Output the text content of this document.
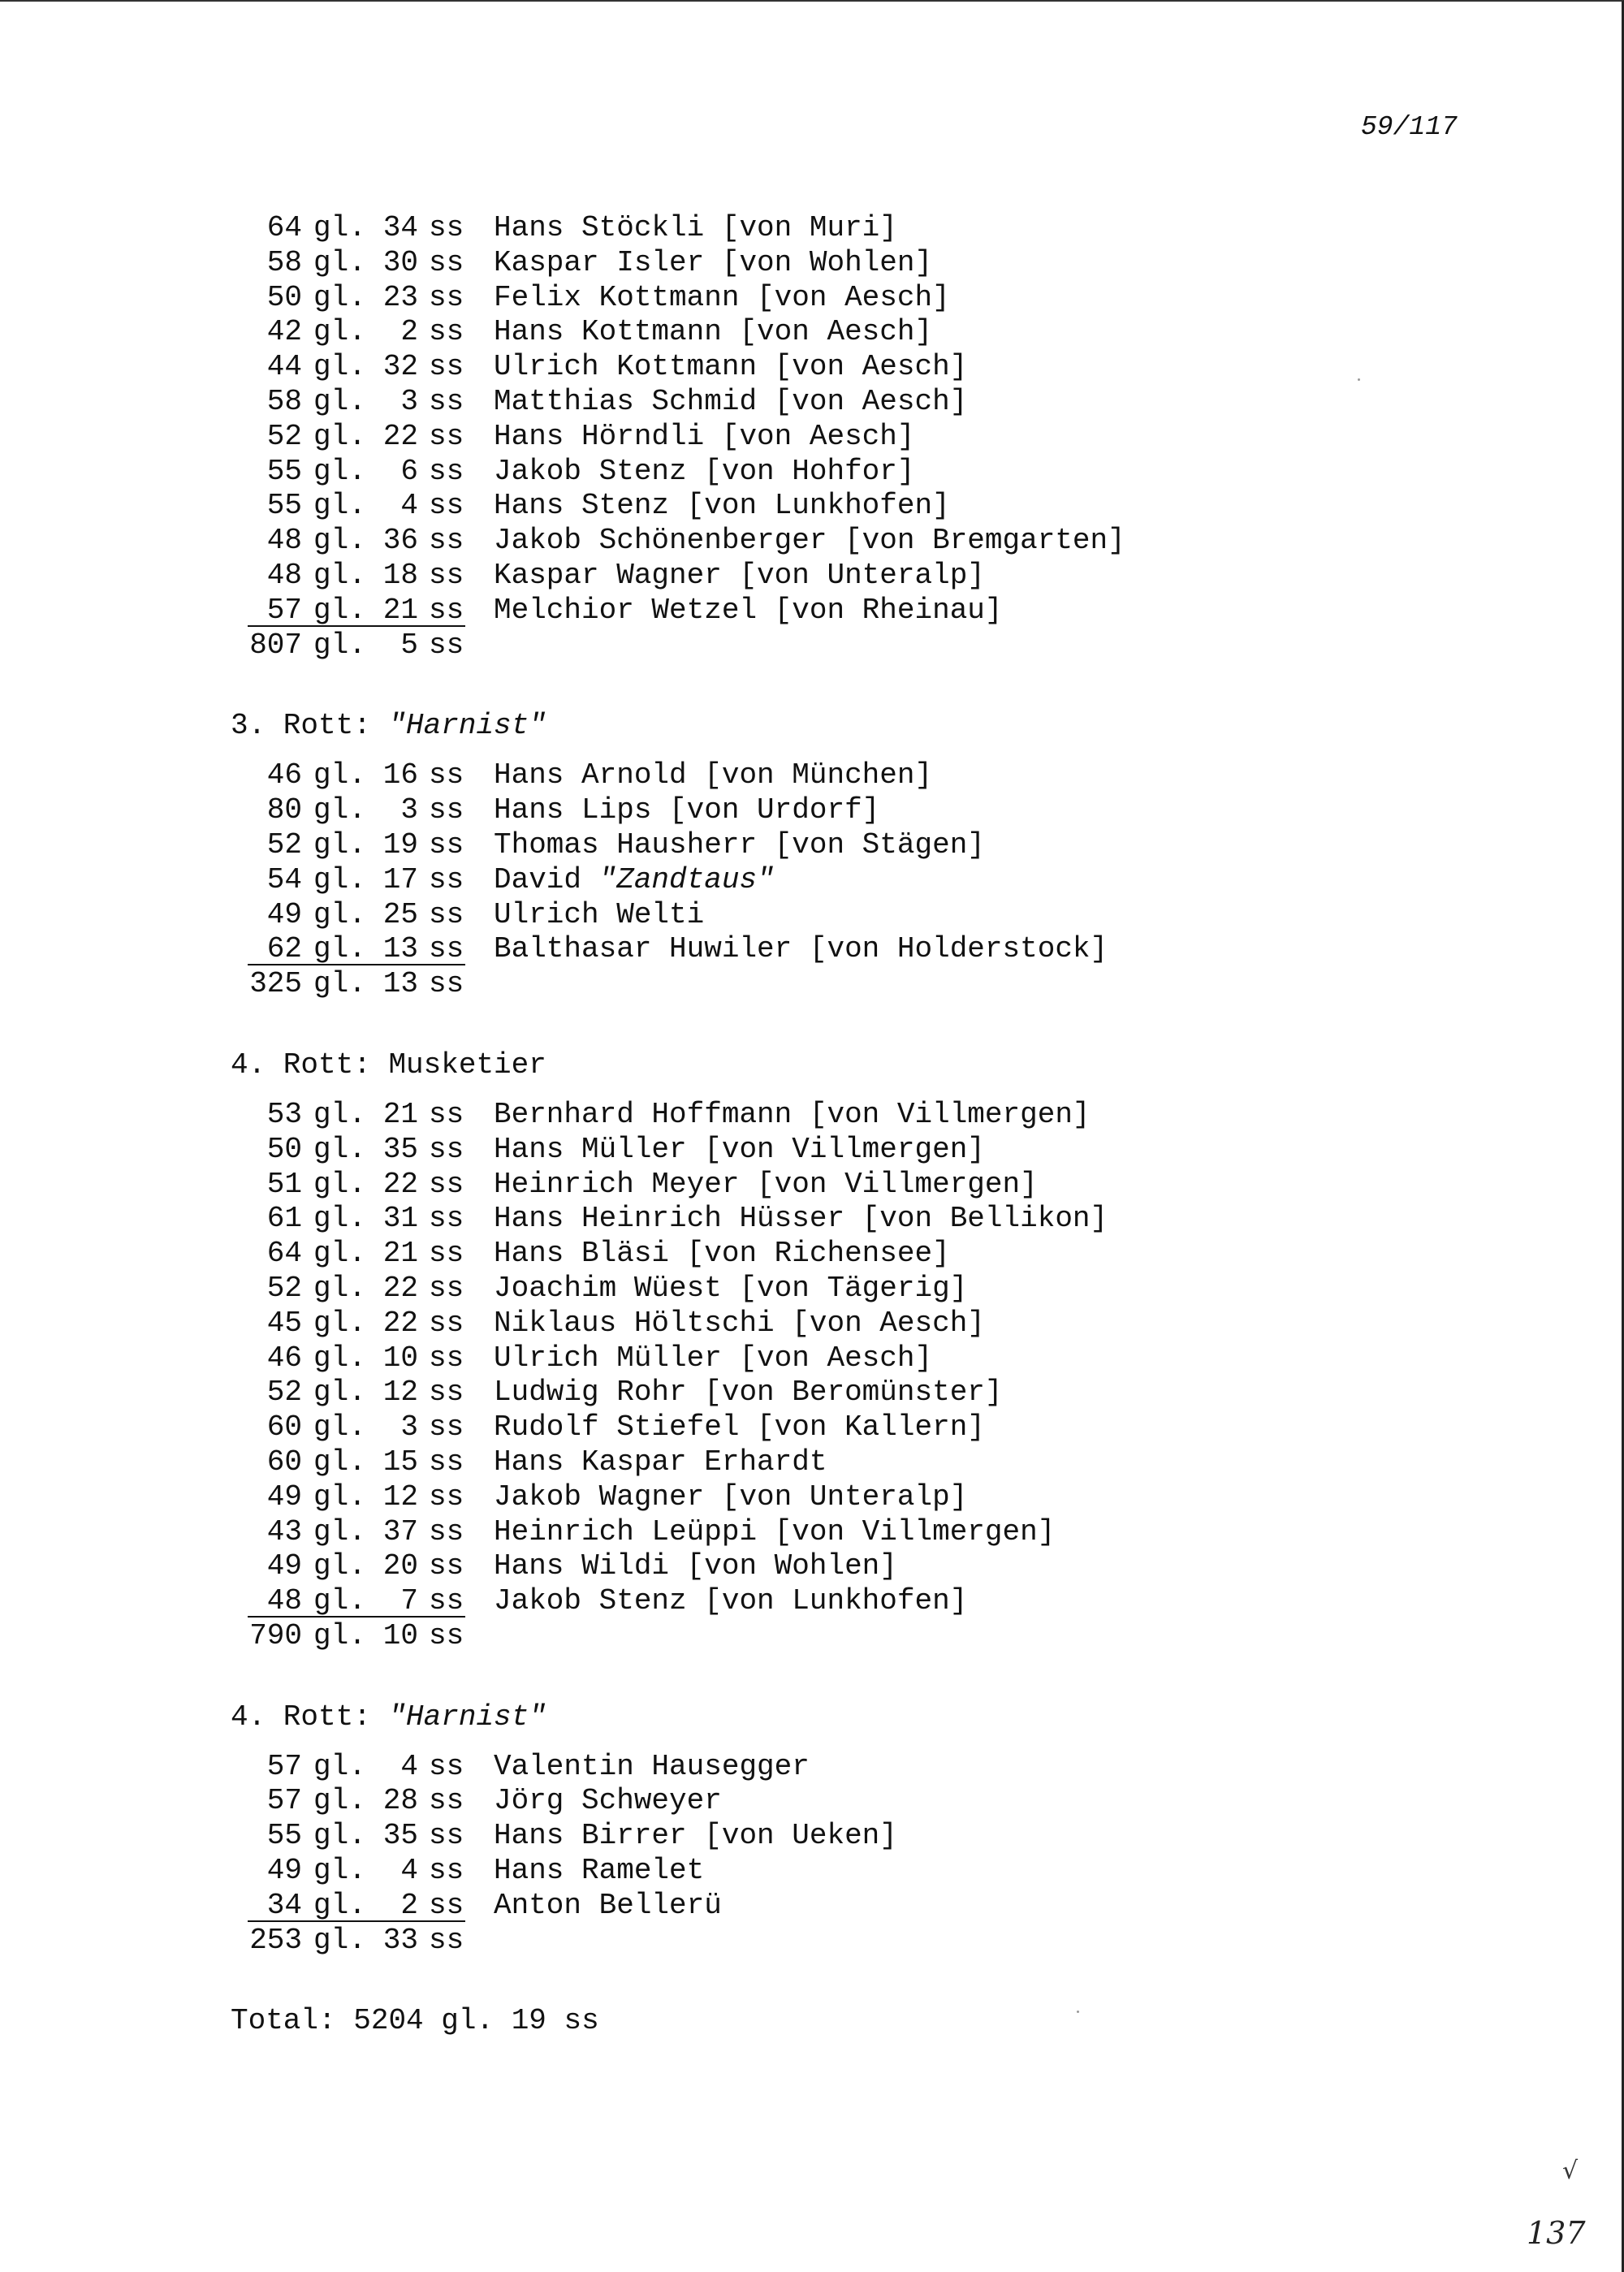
59/117
64 gl. 34 ss Hans Stöckli [von Muri]
58 gl. 30 ss Kaspar Isler [von Wohlen]
50 gl. 23 ss Felix Kottmann [von Aesch]
42 gl.	2 ss Hans Kottmann [von Aesch]
44 gl. 32 ss Ulrich Kottmann [von Aesch]
58 gl.	3 ss Matthias Schmid [von Aesch]
52 gl. 22 ss Hans Hörndli [von Aesch]
55 gl.	6 ss Jakob Stenz [von Hohfor]
55 gl.	4 ss Hans Stenz [von Lunkhofen]
48 gl. 36 ss Jakob Schönenberger [von Bremgarten]
48 gl. 18 ss Kaspar Wagner [von Unteralp]
57 gl. 21 ss Melchior Wetzel [von Rheinau]
807 gl.	5 ss
3. Rott: "Harnist"
46 gl. 16 ss Hans Arnold [von München]
80 gl.	3 ss Hans Lips [von Urdorf]
52 gl. 19 ss Thomas Hausherr [von Stägen]
54 gl. 17 ss David "Zandtaus"
49 gl. 25 ss Ulrich Welti
62 gl. 13 ss Balthasar Huwiler [von Holderstock]
325 gl. 13 ss
4. Rott: Musketier
53 gl. 21 ss Bernhard Hoffmann [von Villmergen]
50 gl. 35 ss Hans Müller [von Villmergen]
51 gl. 22 ss Heinrich Meyer [von Villmergen]
61 gl. 31 ss Hans Heinrich Hüsser [von Bellikon]
64 gl. 21 ss Hans Bläsi [von Richensee]
52 gl. 22 ss Joachim Wüest [von Tägerig]
45 gl. 22 ss Niklaus Höltschi [von Aesch]
46 gl. 10 ss Ulrich Müller [von Aesch]
52 gl. 12 ss Ludwig Rohr [von Beromünster]
60 gl.	3 ss Rudolf Stiefel [von Kallern]
60 gl. 15 ss Hans Kaspar Erhardt
49 gl. 12 ss Jakob Wagner [von Unteralp]
43 gl. 37 ss Heinrich Leüppi [von Villmergen]
49 gl. 20 ss Hans Wildi [von Wohlen]
48 gl.	7 ss Jakob Stenz [von Lunkhofen]
790 gl. 10 ss
4. Rott: "Harnist"
57 gl.	4 ss Valentin Hausegger
57 gl. 28 ss Jörg Schweyer
55 gl. 35 ss Hans Birrer [von Ueken]
49 gl.	4 ss Hans Ramelet
34 gl.	2 ss Anton Bellerü
253 gl. 33 ss
Total: 5204 gl. 19 ss
√
137
